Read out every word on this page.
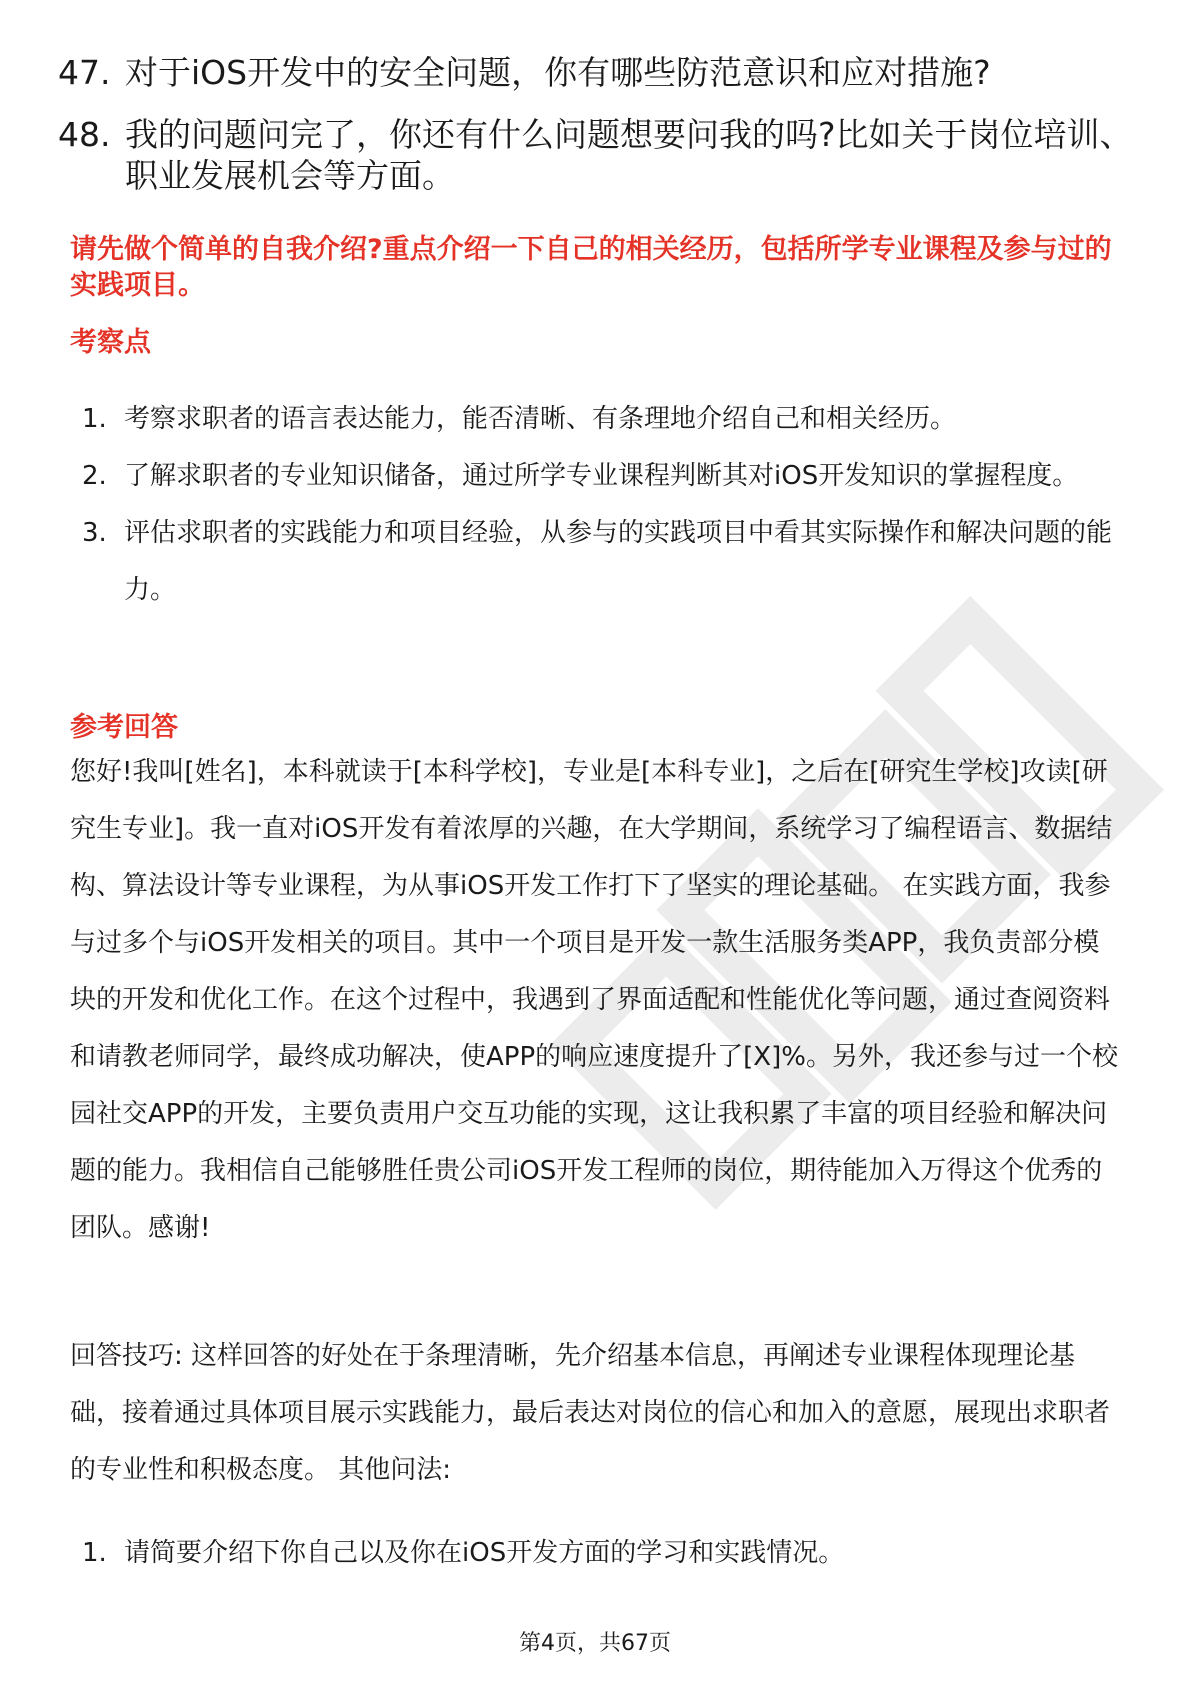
47. 对于iOS开发中的安全问题，你有哪些防范意识和应对措施?
48. 我的问题问完了，你还有什么问题想要问我的吗?比如关于岗位培训、职业发展机会等方面。
请先做个简单的自我介绍?重点介绍一下自己的相关经历，包括所学专业课程及参与过的实践项目。
考察点
1. 考察求职者的语言表达能力，能否清晰、有条理地介绍自己和相关经历。
2. 了解求职者的专业知识储备，通过所学专业课程判断其对iOS开发知识的掌握程度。
3. 评估求职者的实践能力和项目经验，从参与的实践项目中看其实际操作和解决问题的能力。
参考回答
您好!我叫[姓名]，本科就读于[本科学校]，专业是[本科专业]，之后在[研究生学校]攻读[研究生专业]。我一直对iOS开发有着浓厚的兴趣，在大学期间，系统学习了编程语言、数据结构、算法设计等专业课程，为从事iOS开发工作打下了坚实的理论基础。 在实践方面，我参与过多个与iOS开发相关的项目。其中一个项目是开发一款生活服务类APP，我负责部分模块的开发和优化工作。在这个过程中，我遇到了界面适配和性能优化等问题，通过查阅资料和请教老师同学，最终成功解决，使APP的响应速度提升了[X]%。另外，我还参与过一个校园社交APP的开发，主要负责用户交互功能的实现，这让我积累了丰富的项目经验和解决问题的能力。我相信自己能够胜任贵公司iOS开发工程师的岗位，期待能加入万得这个优秀的团队。感谢!
回答技巧: 这样回答的好处在于条理清晰，先介绍基本信息，再阐述专业课程体现理论基础，接着通过具体项目展示实践能力，最后表达对岗位的信心和加入的意愿，展现出求职者的专业性和积极态度。 其他问法:
1. 请简要介绍下你自己以及你在iOS开发方面的学习和实践情况。
第4页，共67页
